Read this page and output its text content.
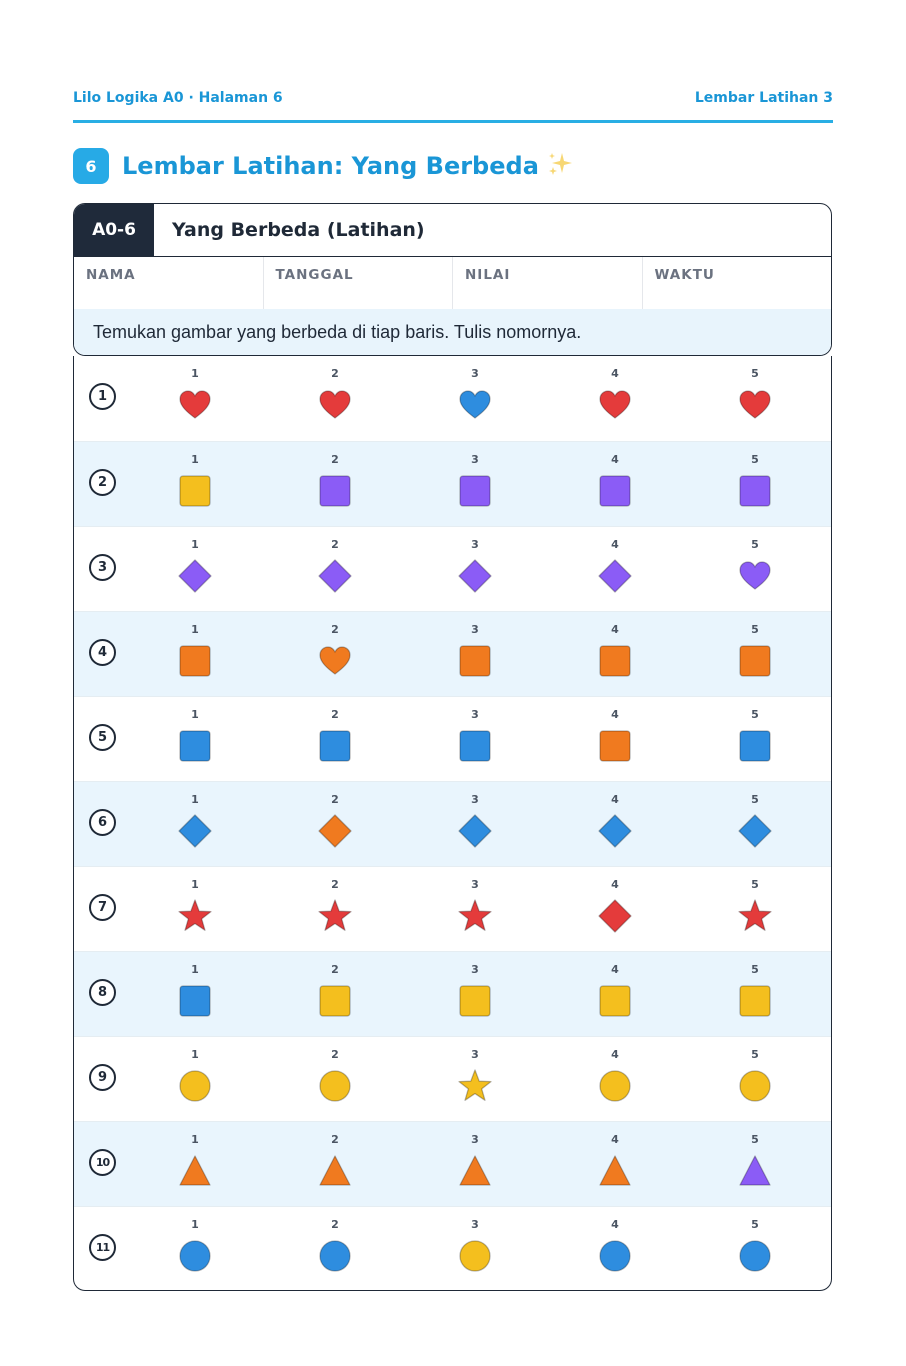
Lilo Logika A0 · Halaman 6	Lembar Latihan 3
6	Lembar Latihan: Yang Berbeda
A0-6	Yang Berbeda (Latihan)
NAMA	TANGGAL	NILAI	WAKTU
Temukan gambar yang berbeda di tiap baris. Tulis nomornya.
1
1	2	3	4	5
2
1	2	3	4	5
3
1	2	3	4	5
4
1	2	3	4	5
5
1	2	3	4	5
6
1	2	3	4	5
7
1	2	3	4	5
8
1	2	3	4	5
9
1	2	3	4	5
10
1	2	3	4	5
11
1	2	3	4	5
